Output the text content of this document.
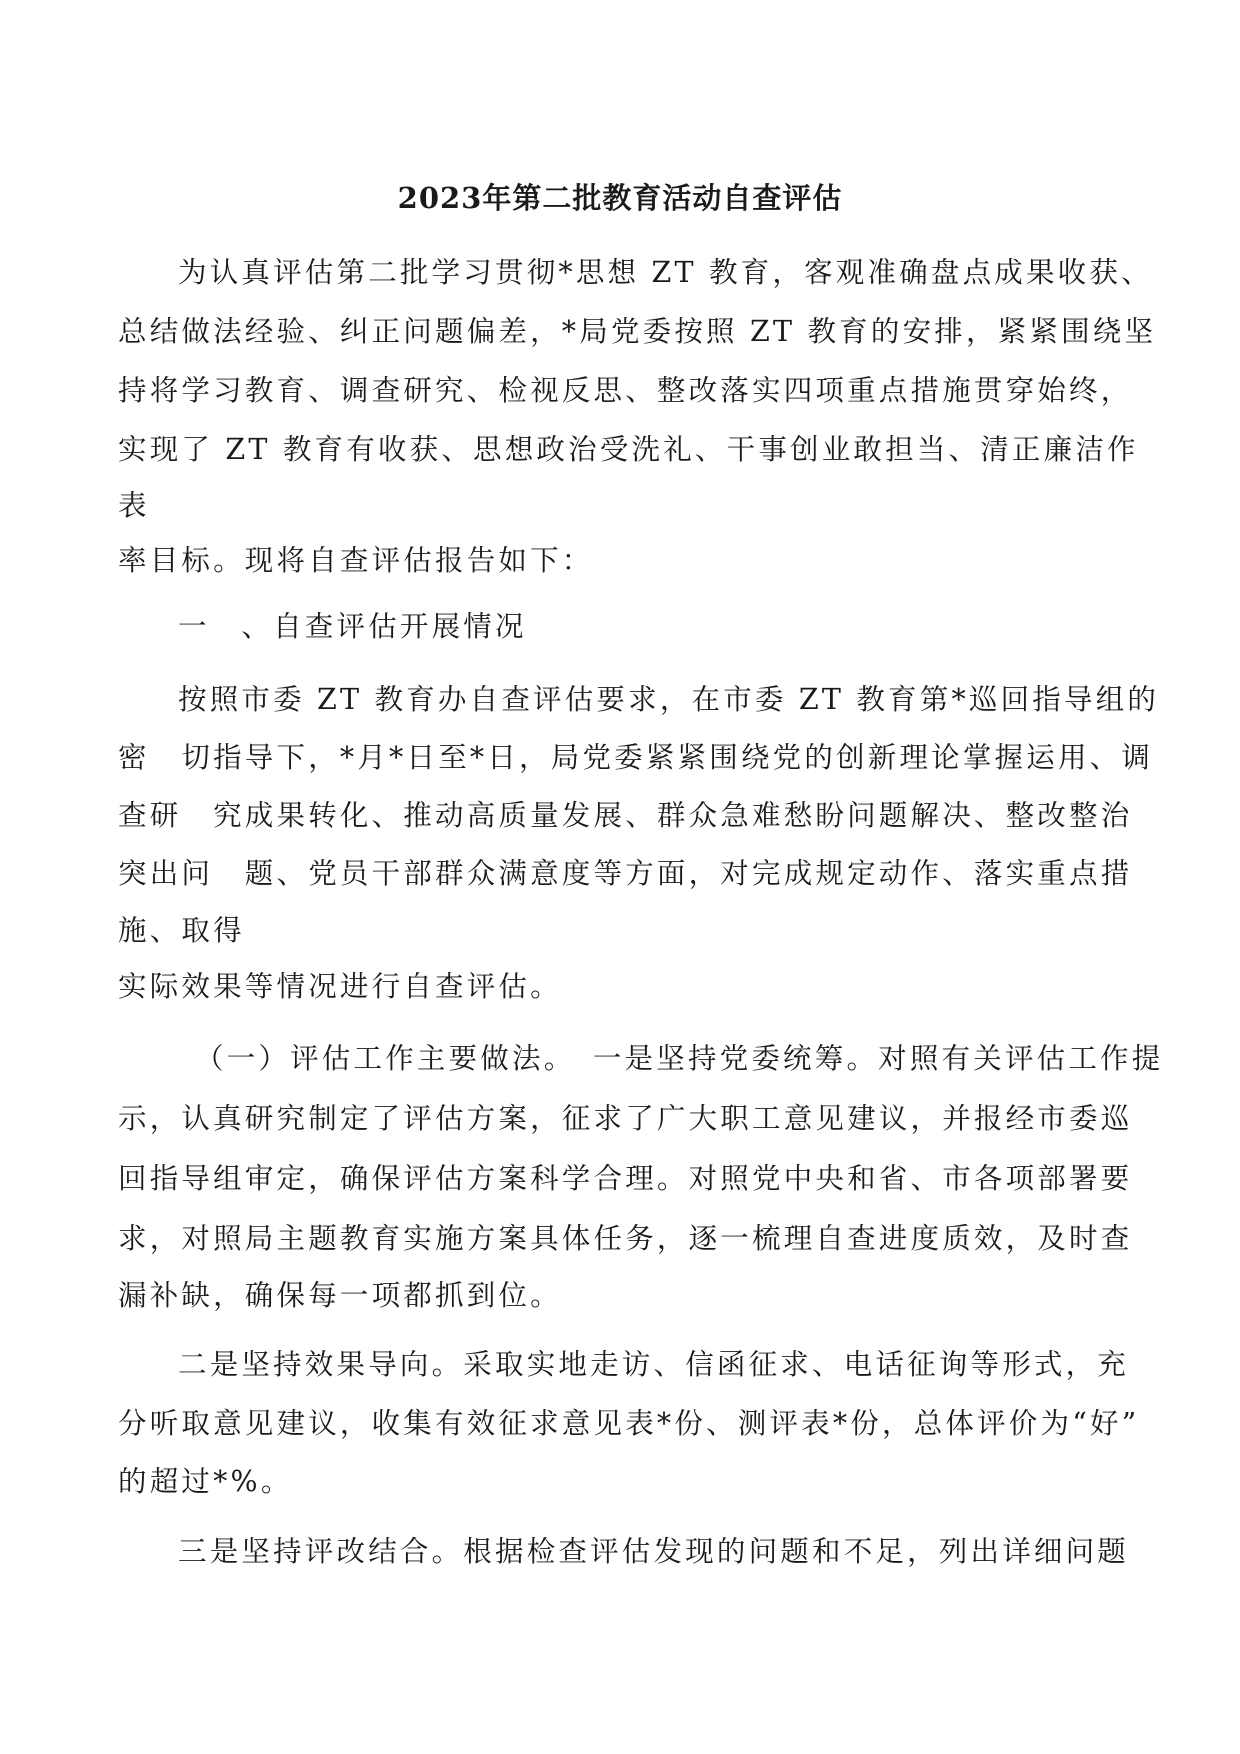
2023年第二批教育活动自查评估
为认真评估第二批学习贯彻*思想 ZT 教育，客观准确盘点成果收获、
总结做法经验、纠正问题偏差，*局党委按照 ZT 教育的安排，紧紧围绕坚
持将学习教育、调查研究、检视反思、整改落实四项重点措施贯穿始终，
实现了 ZT 教育有收获、思想政治受洗礼、干事创业敢担当、清正廉洁作
表
率目标。现将自查评估报告如下：
一　、自查评估开展情况
按照市委 ZT 教育办自查评估要求，在市委 ZT 教育第*巡回指导组的
密　切指导下，*月*日至*日，局党委紧紧围绕党的创新理论掌握运用、调
查研　究成果转化、推动高质量发展、群众急难愁盼问题解决、整改整治
突出问　题、党员干部群众满意度等方面，对完成规定动作、落实重点措
施、取得
实际效果等情况进行自查评估。
（一）评估工作主要做法。　一是坚持党委统筹。对照有关评估工作提
示，认真研究制定了评估方案，征求了广大职工意见建议，并报经市委巡
回指导组审定，确保评估方案科学合理。对照党中央和省、市各项部署要
求，对照局主题教育实施方案具体任务，逐一梳理自查进度质效，及时查
漏补缺，确保每一项都抓到位。
二是坚持效果导向。采取实地走访、信函征求、电话征询等形式，充
分听取意见建议，收集有效征求意见表*份、测评表*份，总体评价为“好”
的超过*%。
三是坚持评改结合。根据检查评估发现的问题和不足，列出详细问题
